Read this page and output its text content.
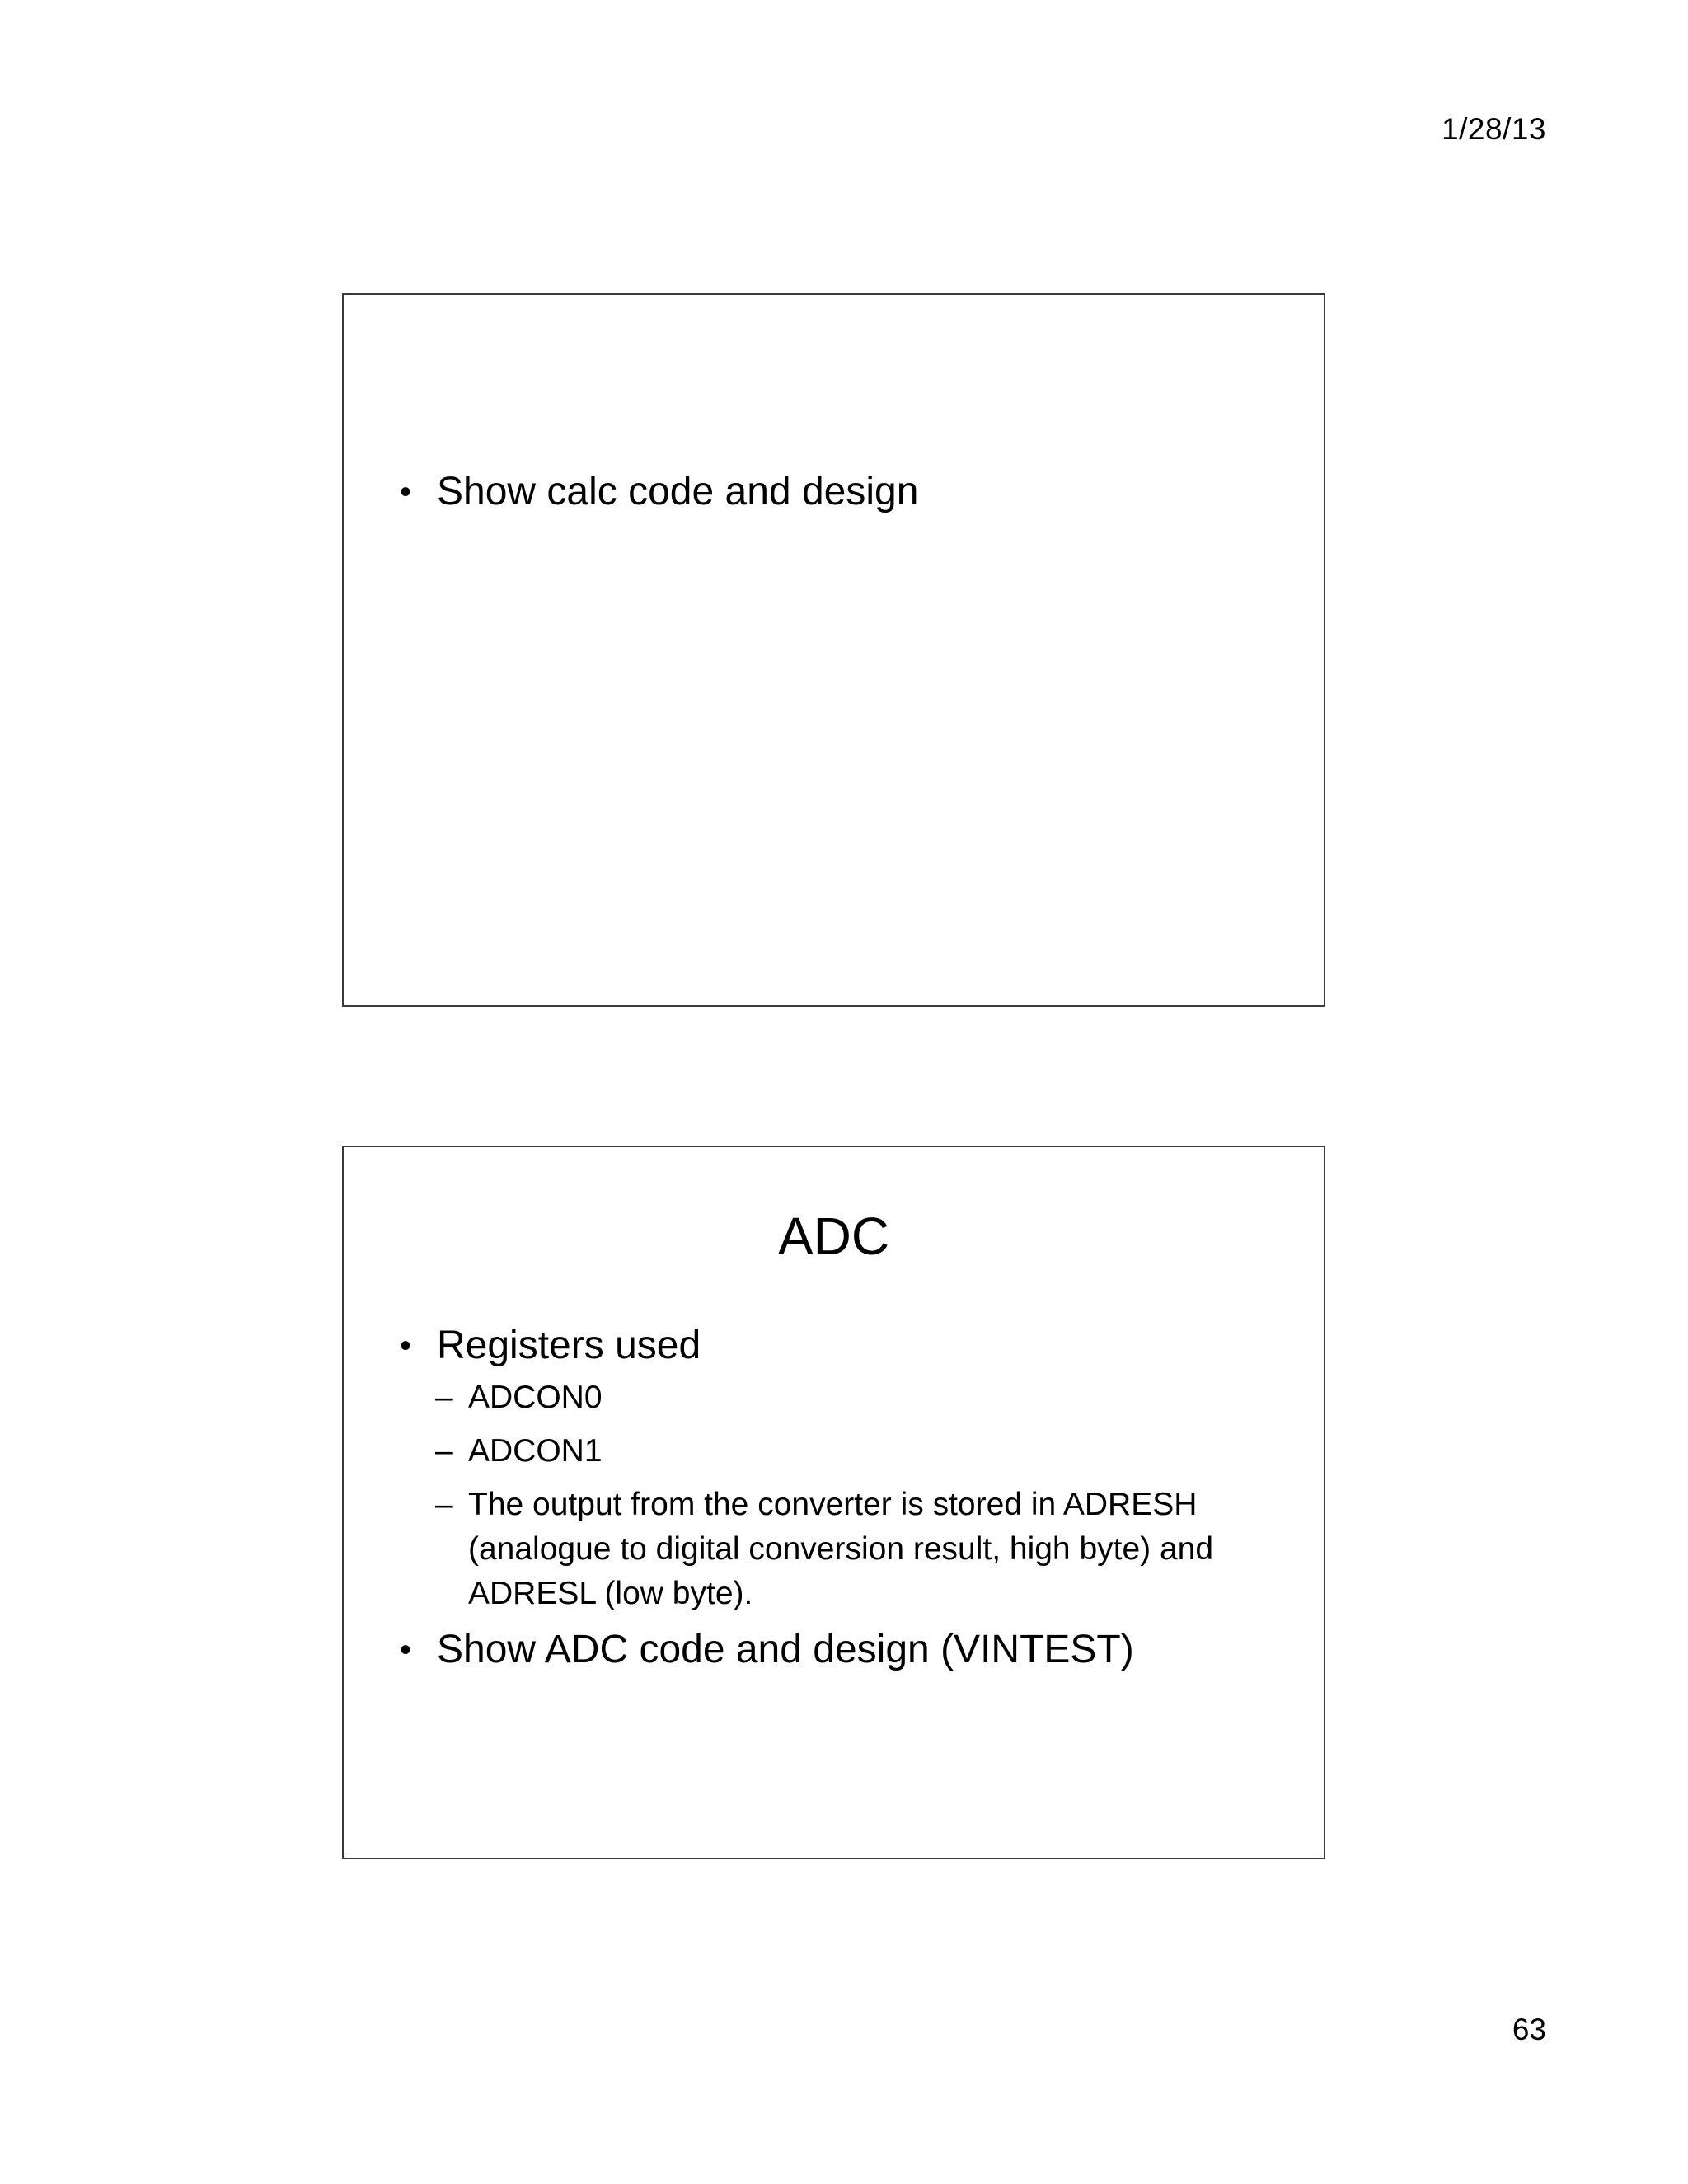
1/28/13
• Show calc code and design
ADC
• Registers used
– ADCON0
– ADCON1
– The output from the converter is stored in ADRESH (analogue to digital conversion result, high byte) and ADRESL (low byte).
• Show ADC code and design (VINTEST)
63
